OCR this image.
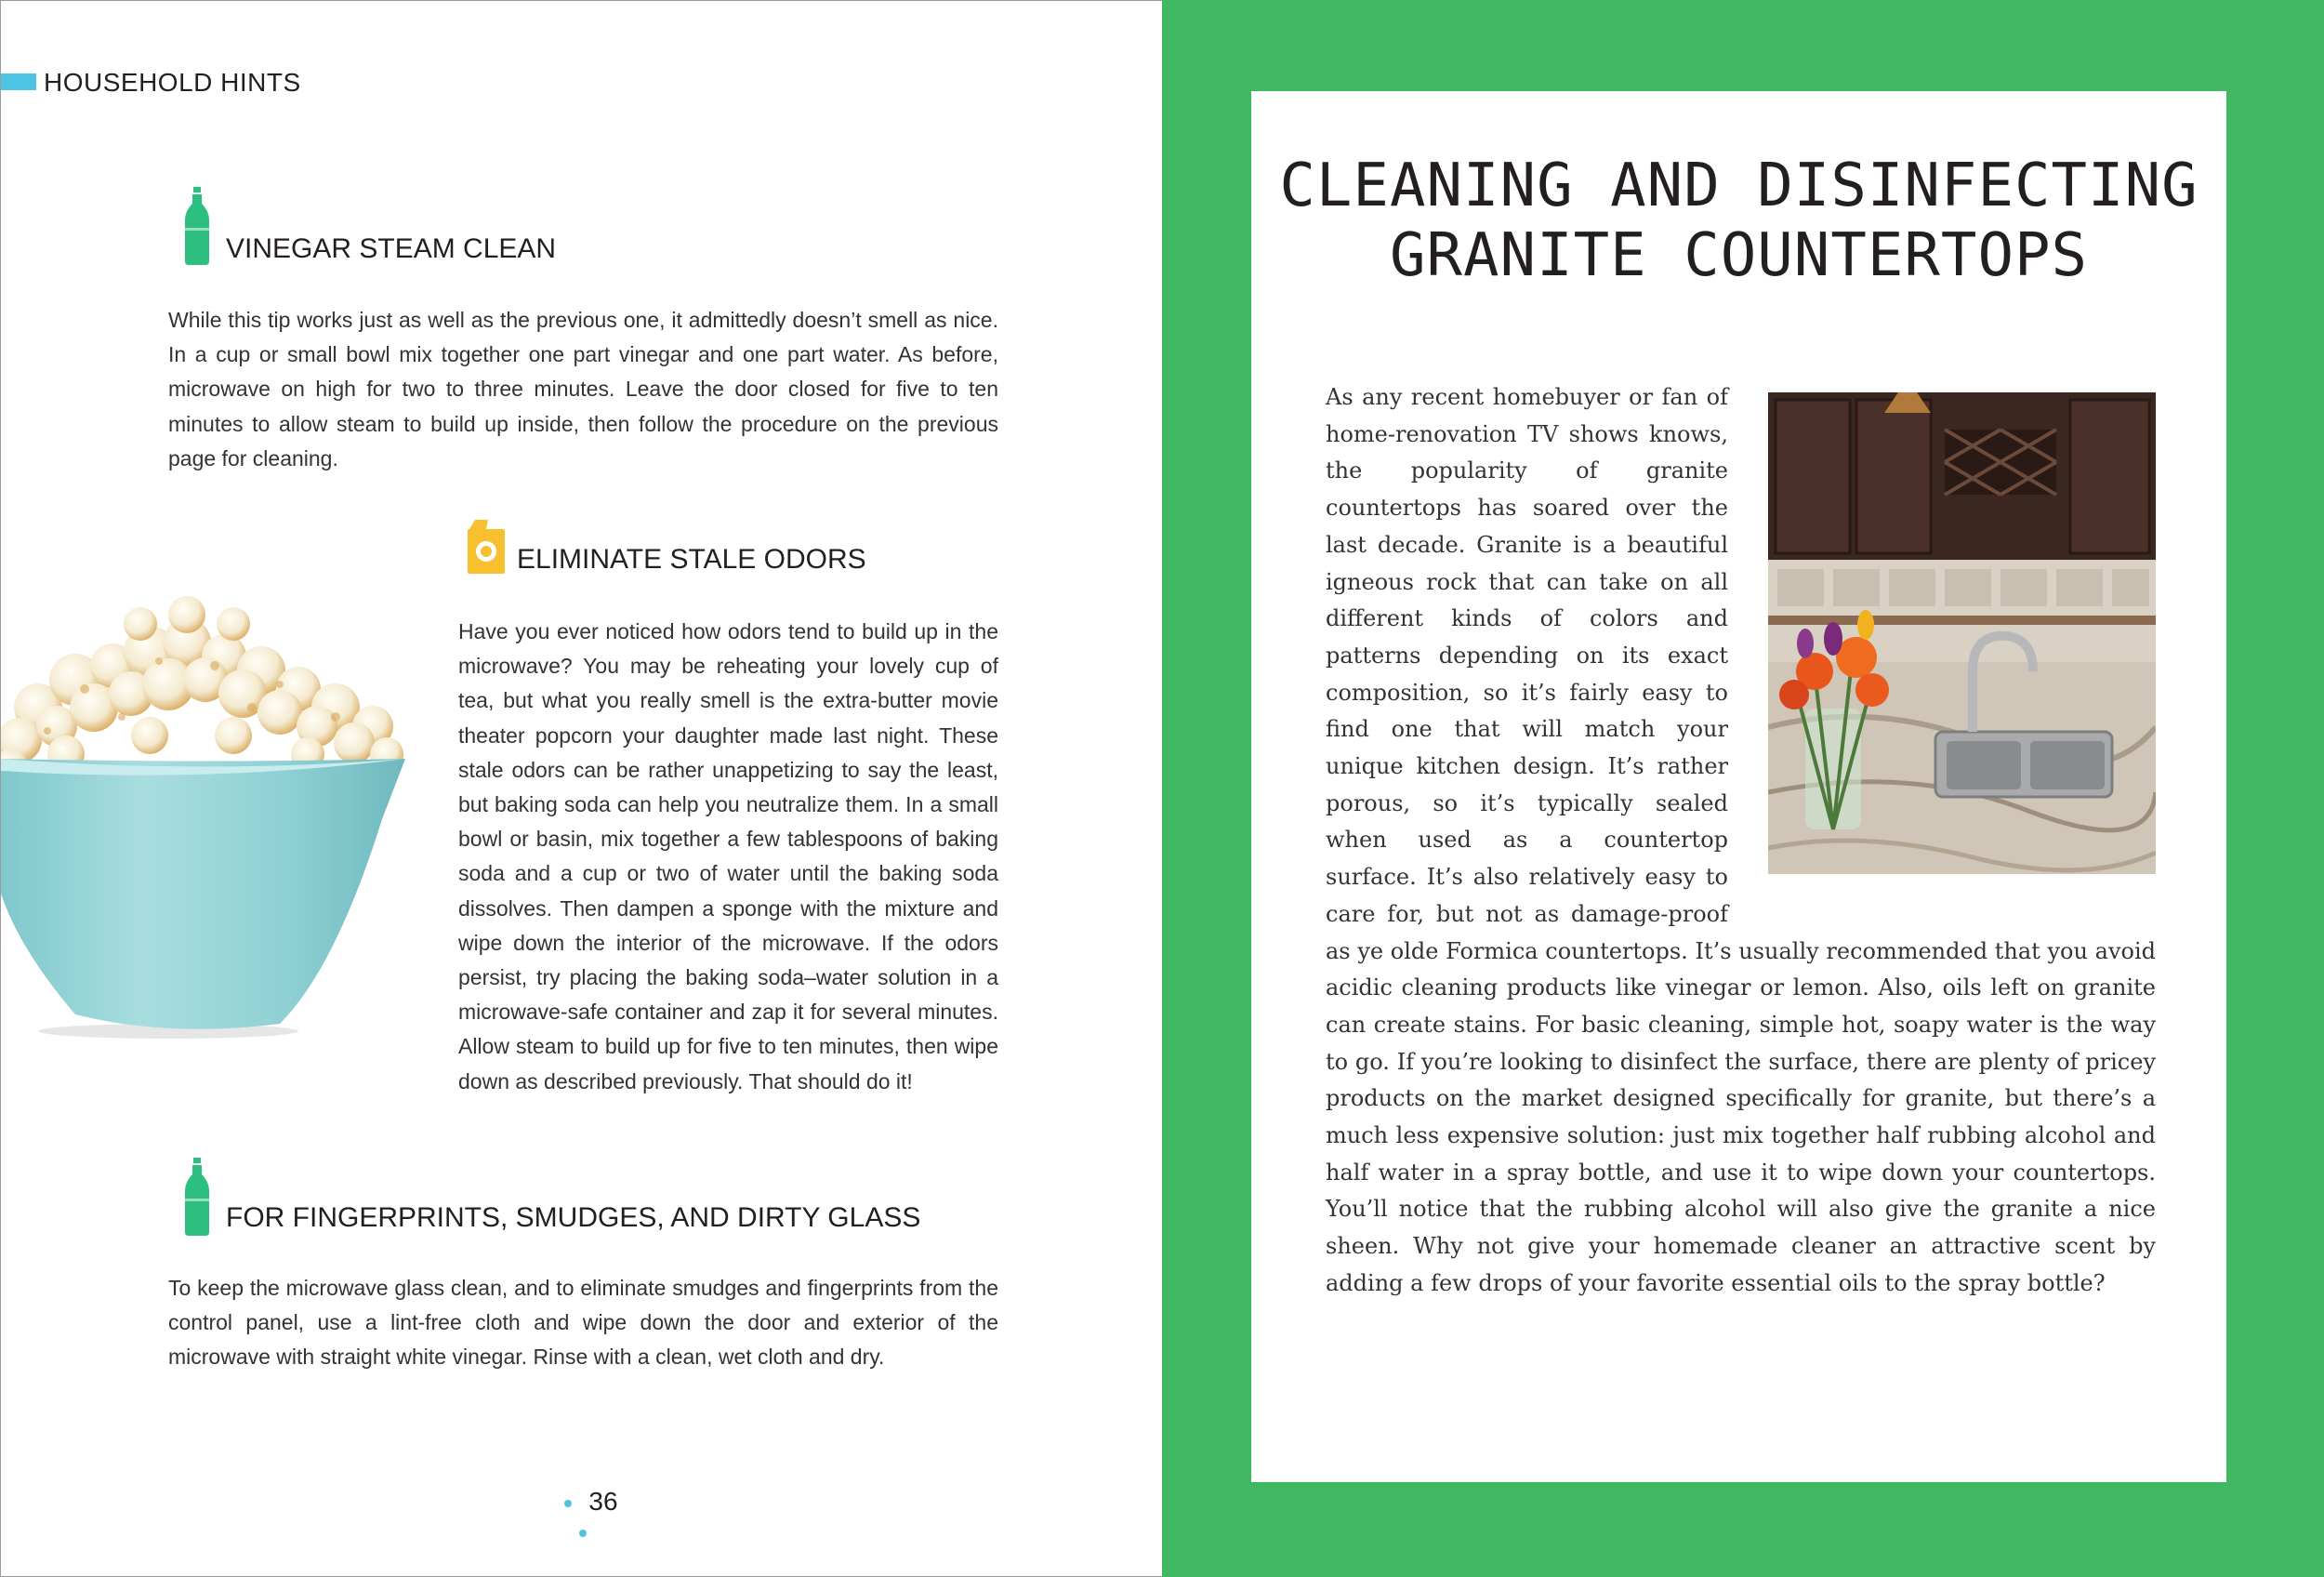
HOUSEHOLD HINTS
VINEGAR STEAM CLEAN
While this tip works just as well as the previous one, it admittedly doesn’t smell as nice. In a cup or small bowl mix together one part vinegar and one part water. As before, microwave on high for two to three minutes. Leave the door closed for five to ten minutes to allow steam to build up inside, then follow the procedure on the previous page for cleaning.
ELIMINATE STALE ODORS
Have you ever noticed how odors tend to build up in the microwave? You may be reheating your lovely cup of tea, but what you really smell is the extra-butter movie theater popcorn your daughter made last night. These stale odors can be rather unappetizing to say the least, but baking soda can help you neutralize them. In a small bowl or basin, mix together a few tablespoons of baking soda and a cup or two of water until the baking soda dissolves. Then dampen a sponge with the mixture and wipe down the interior of the microwave. If the odors persist, try placing the baking soda–water solution in a microwave-safe container and zap it for several minutes. Allow steam to build up for five to ten minutes, then wipe down as described previously. That should do it!
FOR FINGERPRINTS, SMUDGES, AND DIRTY GLASS
To keep the microwave glass clean, and to eliminate smudges and fingerprints from the control panel, use a lint-free cloth and wipe down the door and exterior of the microwave with straight white vinegar. Rinse with a clean, wet cloth and dry.
36
CLEANING AND DISINFECTING GRANITE COUNTERTOPS
As any recent homebuyer or fan of home-renovation TV shows knows, the popularity of granite countertops has soared over the last decade. Granite is a beautiful igneous rock that can take on all different kinds of colors and patterns depending on its exact composition, so it’s fairly easy to find one that will match your unique kitchen design. It’s rather porous, so it’s typically sealed when used as a countertop surface. It’s also relatively easy to care for, but not as damage-proof as ye olde Formica countertops. It’s usually recommended that you avoid acidic cleaning products like vinegar or lemon. Also, oils left on granite can create stains. For basic cleaning, simple hot, soapy water is the way to go. If you’re looking to disinfect the surface, there are plenty of pricey products on the market designed specifically for granite, but there’s a much less expensive solution: just mix together half rubbing alcohol and half water in a spray bottle, and use it to wipe down your countertops. You’ll notice that the rubbing alcohol will also give the granite a nice sheen. Why not give your homemade cleaner an attractive scent by adding a few drops of your favorite essential oils to the spray bottle?
